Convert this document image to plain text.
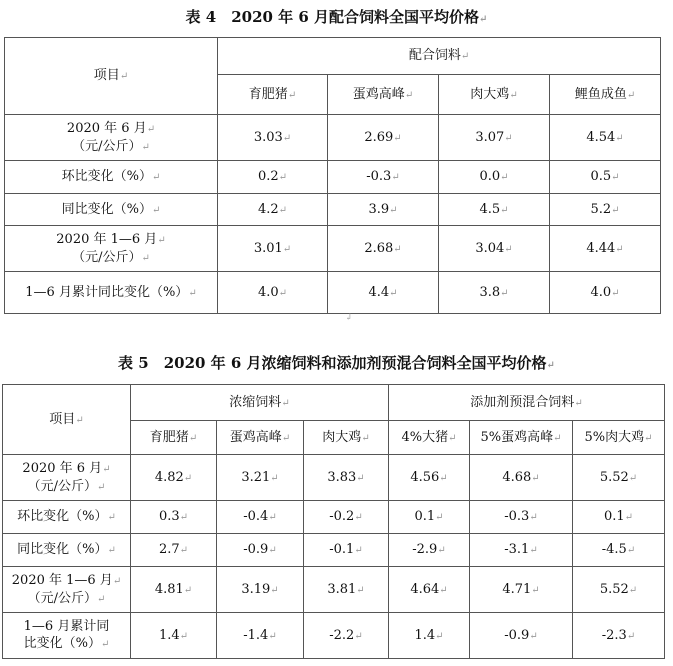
表 4　2020 年 6 月配合饲料全国平均价格↵
项目↵	配合饲料↵			
	育肥猪↵	蛋鸡高峰↵	肉大鸡↵	鲤鱼成鱼↵

2020 年 6 月↵
（元/公斤）↵	3.03↵	2.69↵	3.07↵	4.54↵
环比变化（%）↵	0.2↵	-0.3↵	0.0↵	0.5↵
同比变化（%）↵	4.2↵	3.9↵	4.5↵	5.2↵

2020 年 1—6 月↵
（元/公斤）↵	3.01↵	2.68↵	3.04↵	4.44↵
1—6 月累计同比变化（%）↵	4.0↵	4.4↵	3.8↵	4.0↵
↲
表 5　2020 年 6 月浓缩饲料和添加剂预混合饲料全国平均价格↵
项目↵	浓缩饲料↵			添加剂预混合饲料↵		
	育肥猪↵	蛋鸡高峰↵	肉大鸡↵	4%大猪↵	5%蛋鸡高峰↵	5%肉大鸡↵

2020 年 6 月↵
（元/公斤）↵	4.82↵	3.21↵	3.83↵	4.56↵	4.68↵	5.52↵
环比变化（%）↵	0.3↵	-0.4↵	-0.2↵	0.1↵	-0.3↵	0.1↵
同比变化（%）↵	2.7↵	-0.9↵	-0.1↵	-2.9↵	-3.1↵	-4.5↵

2020 年 1—6 月↵
（元/公斤）↵	4.81↵	3.19↵	3.81↵	4.64↵	4.71↵	5.52↵

1—6 月累计同
比变化（%）↵	1.4↵	-1.4↵	-2.2↵	1.4↵	-0.9↵	-2.3↵
